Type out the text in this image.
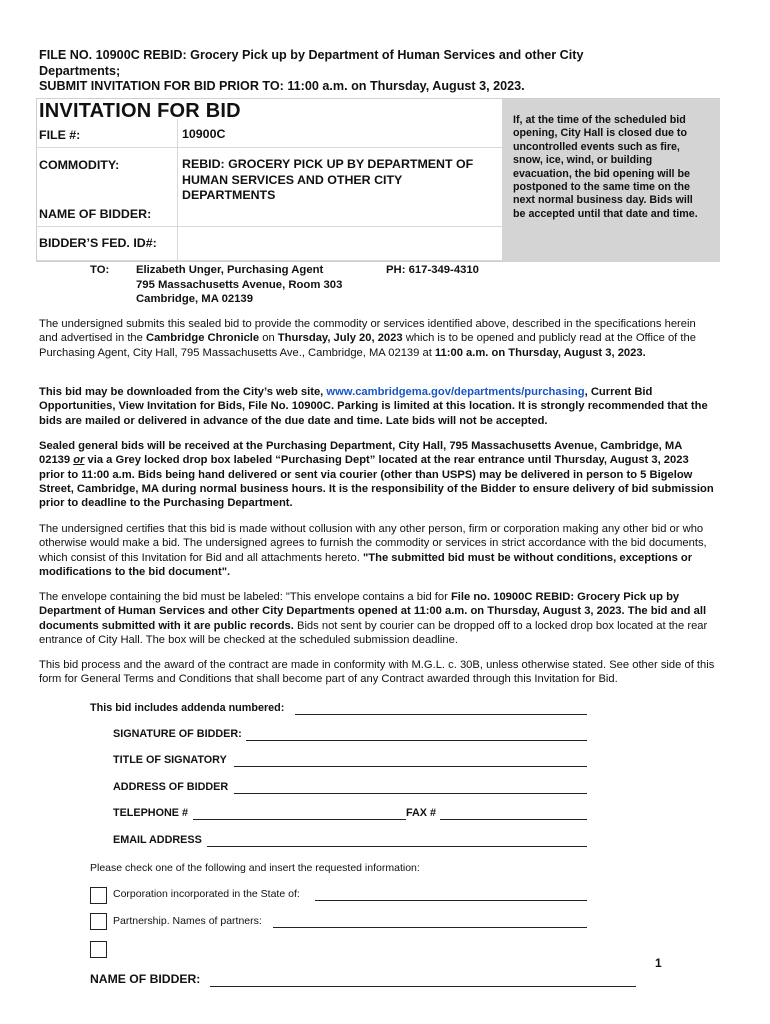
FILE NO. 10900C REBID: Grocery Pick up by Department of Human Services and other City
Departments;
SUBMIT INVITATION FOR BID PRIOR TO: 11:00 a.m. on Thursday, August 3, 2023.
INVITATION FOR BID
FILE #:	10900C
COMMODITY:	REBID: GROCERY PICK UP BY DEPARTMENT OF
HUMAN SERVICES AND OTHER CITY
DEPARTMENTS
NAME OF BIDDER:
BIDDER’S FED. ID#:
If, at the time of the scheduled bid
opening, City Hall is closed due to
uncontrolled events such as fire,
snow, ice, wind, or building
evacuation, the bid opening will be
postponed to the same time on the
next normal business day. Bids will
be accepted until that date and time.
TO: Elizabeth Unger, Purchasing Agent
795 Massachusetts Avenue, Room 303
Cambridge, MA 02139
PH: 617-349-4310
The undersigned submits this sealed bid to provide the commodity or services identified above, described in the specifications herein and advertised in the Cambridge Chronicle on Thursday, July 20, 2023 which is to be opened and publicly read at the Office of the Purchasing Agent, City Hall, 795 Massachusetts Ave., Cambridge, MA 02139 at 11:00 a.m. on Thursday, August 3, 2023.
This bid may be downloaded from the City’s web site, www.cambridgema.gov/departments/purchasing, Current Bid Opportunities, View Invitation for Bids, File No. 10900C. Parking is limited at this location. It is strongly recommended that the bids are mailed or delivered in advance of the due date and time. Late bids will not be accepted.
Sealed general bids will be received at the Purchasing Department, City Hall, 795 Massachusetts Avenue, Cambridge, MA 02139 or via a Grey locked drop box labeled “Purchasing Dept” located at the rear entrance until Thursday, August 3, 2023 prior to 11:00 a.m. Bids being hand delivered or sent via courier (other than USPS) may be delivered in person to 5 Bigelow Street, Cambridge, MA during normal business hours. It is the responsibility of the Bidder to ensure delivery of bid submission prior to deadline to the Purchasing Department.
The undersigned certifies that this bid is made without collusion with any other person, firm or corporation making any other bid or who otherwise would make a bid. The undersigned agrees to furnish the commodity or services in strict accordance with the bid documents, which consist of this Invitation for Bid and all attachments hereto. "The submitted bid must be without conditions, exceptions or modifications to the bid document".
The envelope containing the bid must be labeled: "This envelope contains a bid for File no. 10900C REBID: Grocery Pick up by Department of Human Services and other City Departments opened at 11:00 a.m. on Thursday, August 3, 2023. The bid and all documents submitted with it are public records. Bids not sent by courier can be dropped off to a locked drop box located at the rear entrance of City Hall. The box will be checked at the scheduled submission deadline.
This bid process and the award of the contract are made in conformity with M.G.L. c. 30B, unless otherwise stated. See other side of this form for General Terms and Conditions that shall become part of any Contract awarded through this Invitation for Bid.
This bid includes addenda numbered:
SIGNATURE OF BIDDER:
TITLE OF SIGNATORY
ADDRESS OF BIDDER
TELEPHONE #	FAX #
EMAIL ADDRESS
Please check one of the following and insert the requested information:
Corporation incorporated in the State of:
Partnership. Names of partners:
1
NAME OF BIDDER:
